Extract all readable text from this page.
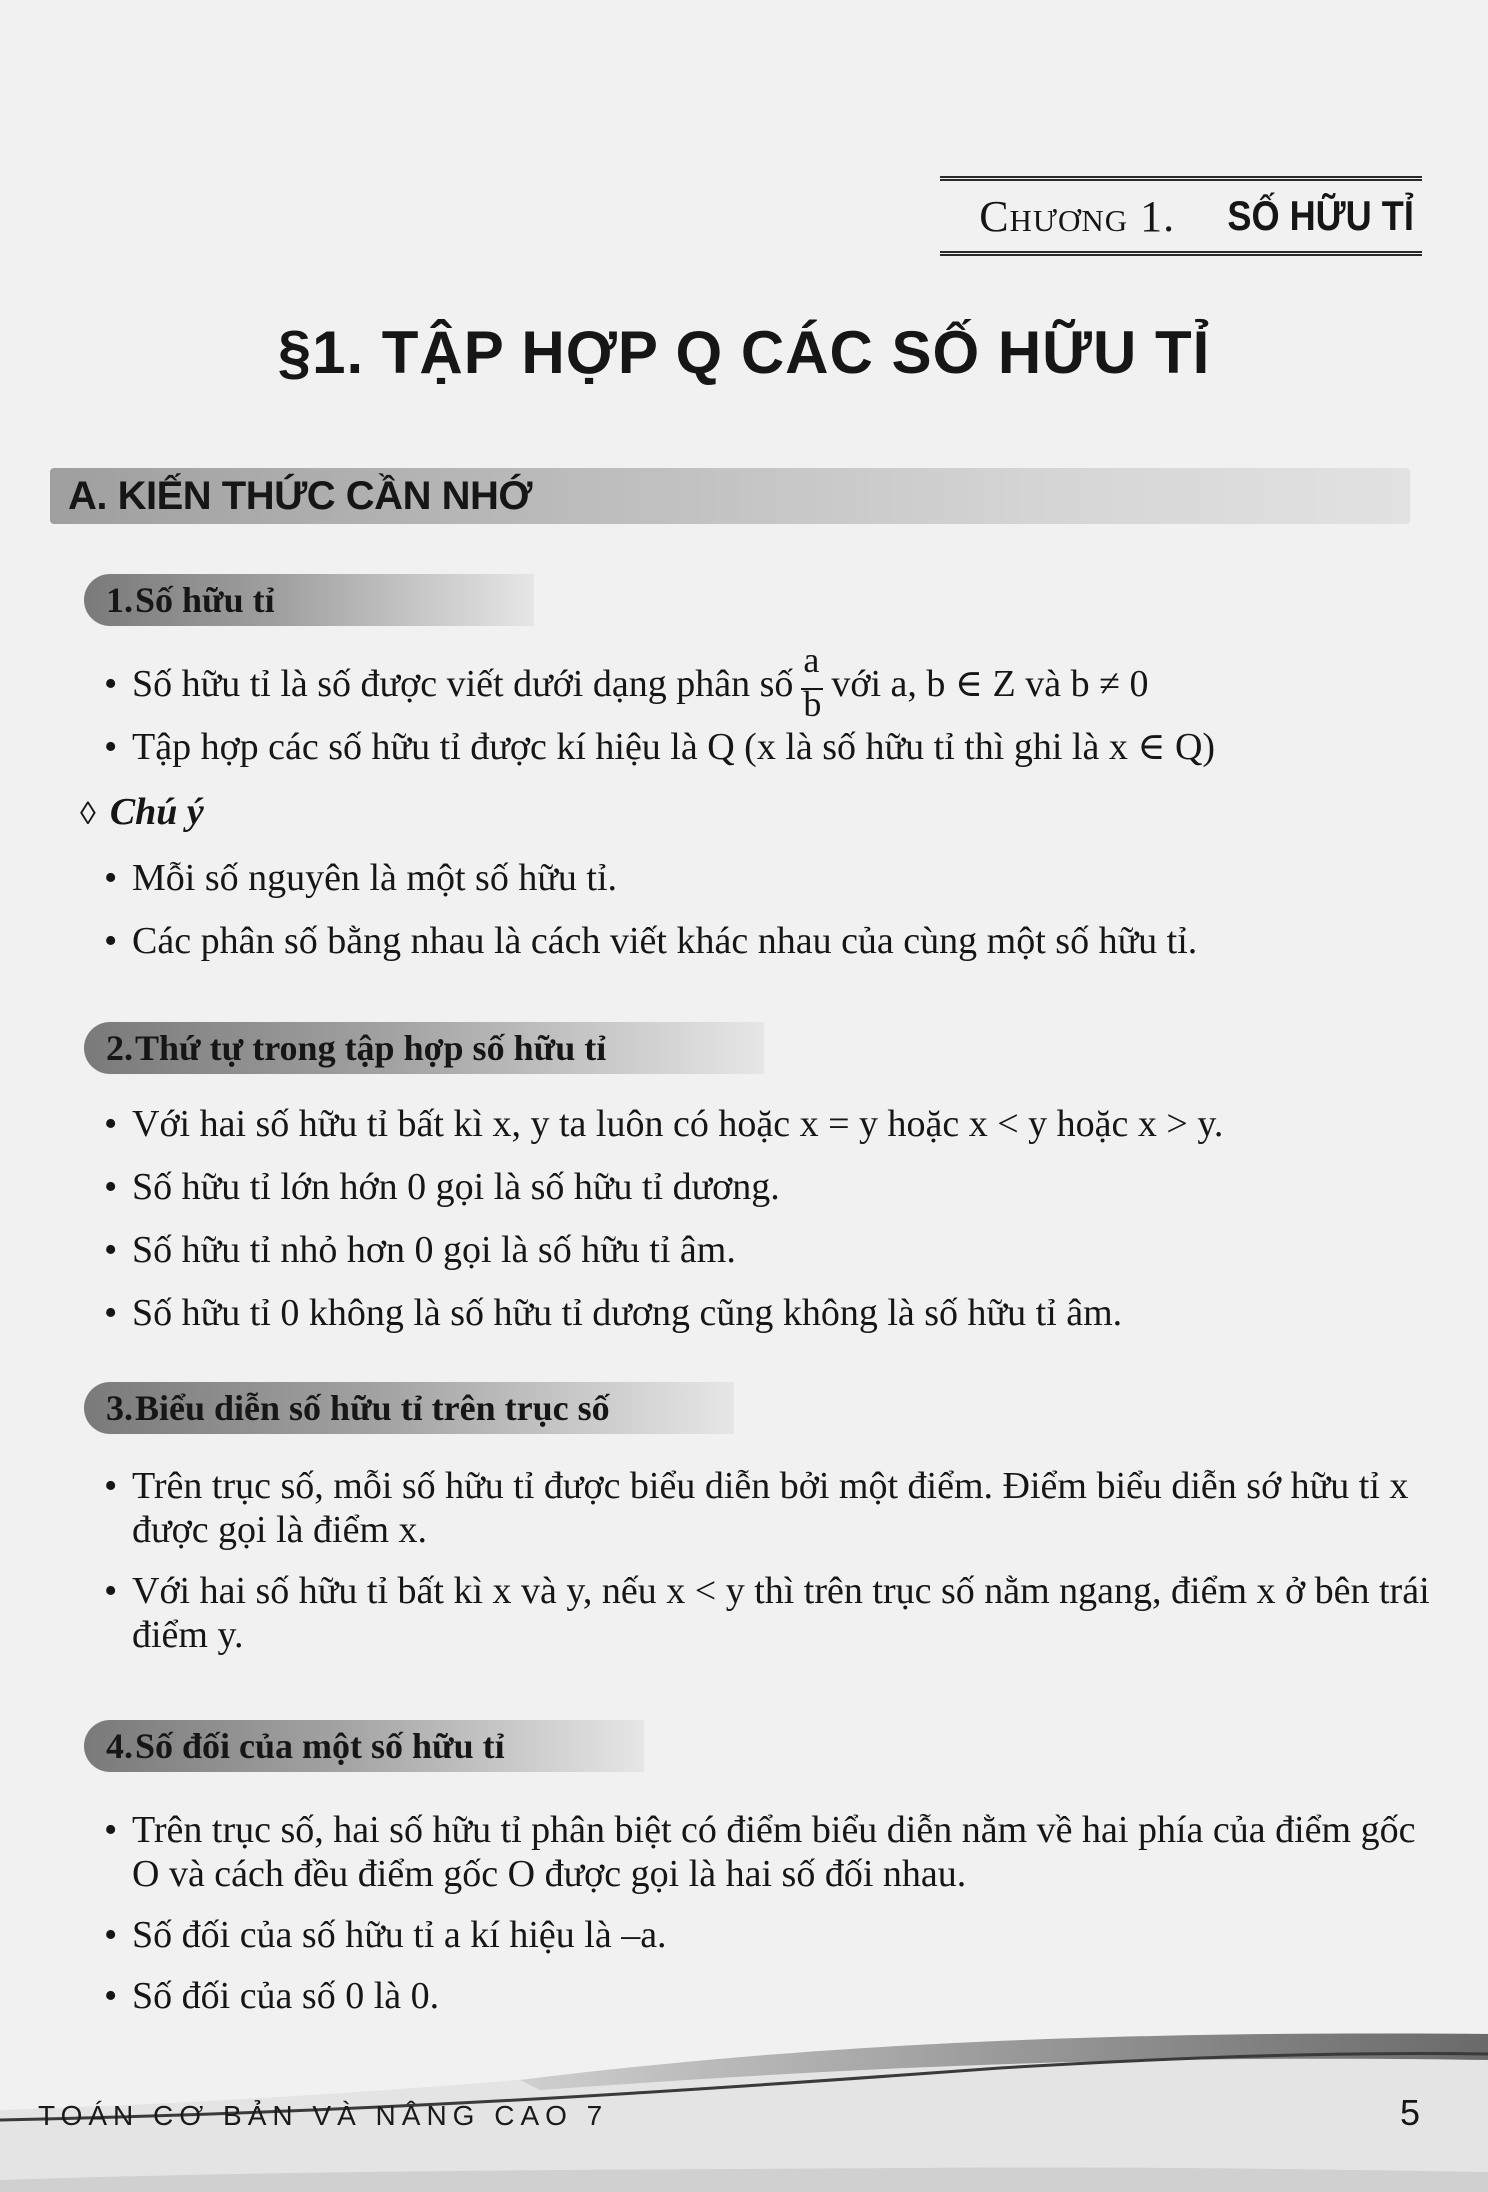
Chương 1. SỐ HỮU TỈ
§1. TẬP HỢP Q CÁC SỐ HỮU TỈ
A. KIẾN THỨC CẦN NHỚ
1. Số hữu tỉ
• Số hữu tỉ là số được viết dưới dạng phân số $\frac{a}{b}$ với a, b ∈ Z và b ≠ 0
• Tập hợp các số hữu tỉ được kí hiệu là Q (x là số hữu tỉ thì ghi là x ∈ Q)
◊ Chú ý
• Mỗi số nguyên là một số hữu tỉ.
• Các phân số bằng nhau là cách viết khác nhau của cùng một số hữu tỉ.
2. Thứ tự trong tập hợp số hữu tỉ
• Với hai số hữu tỉ bất kì x, y ta luôn có hoặc x = y hoặc x < y hoặc x > y.
• Số hữu tỉ lớn hớn 0 gọi là số hữu tỉ dương.
• Số hữu tỉ nhỏ hơn 0 gọi là số hữu tỉ âm.
• Số hữu tỉ 0 không là số hữu tỉ dương cũng không là số hữu tỉ âm.
3. Biểu diễn số hữu tỉ trên trục số
• Trên trục số, mỗi số hữu tỉ được biểu diễn bởi một điểm. Điểm biểu diễn sớ hữu tỉ x được gọi là điểm x.
• Với hai số hữu tỉ bất kì x và y, nếu x < y thì trên trục số nằm ngang, điểm x ở bên trái điểm y.
4. Số đối của một số hữu tỉ
• Trên trục số, hai số hữu tỉ phân biệt có điểm biểu diễn nằm về hai phía của điểm gốc O và cách đều điểm gốc O được gọi là hai số đối nhau.
• Số đối của số hữu tỉ a kí hiệu là –a.
• Số đối của số 0 là 0.
TOÁN CƠ BẢN VÀ NÂNG CAO 7	5
